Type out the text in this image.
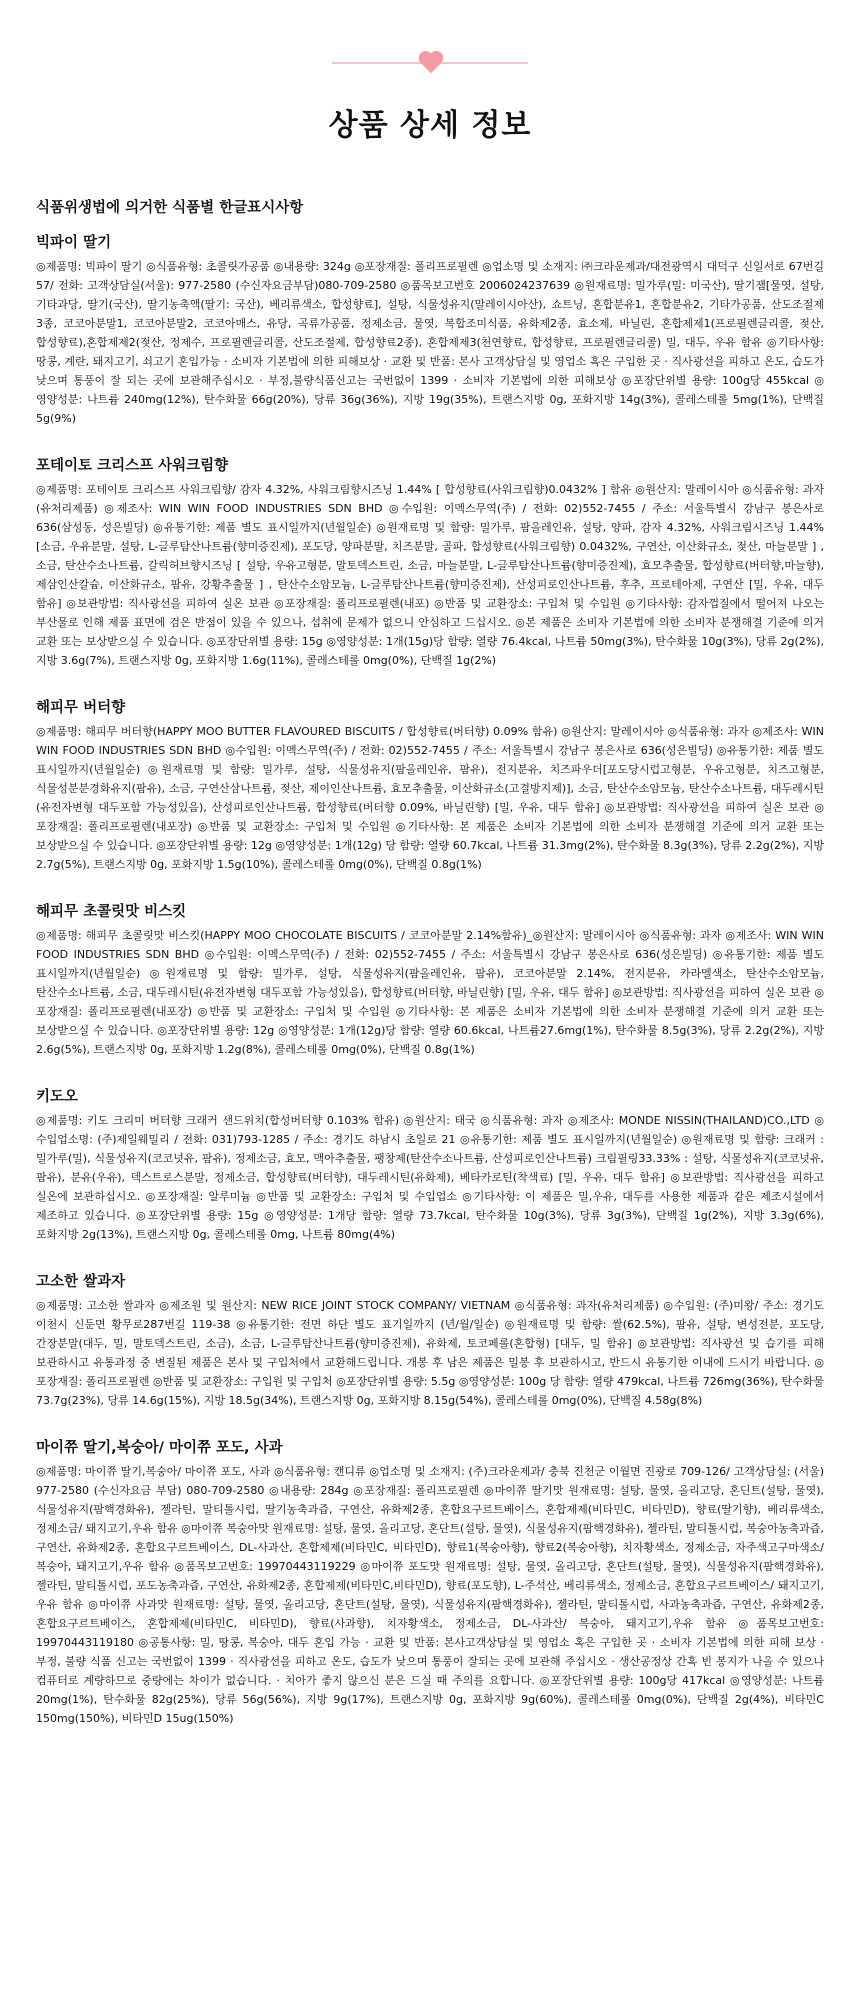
상품 상세 정보
식품위생법에 의거한 식품별 한글표시사항
빅파이 딸기

◎제품명: 빅파이 딸기 ◎식품유형: 초콜릿가공품 ◎내용량: 324g ◎포장재질: 폴리프로필렌 ◎업소명 및 소재지: ㈜크라운제과/대전광역시 대덕구 신일서로 67번길 57/ 전화: 고객상담실(서울): 977-2580 (수신자요금부담)080-709-2580 ◎품목보고번호 2006024237639 ◎원재료명: 밀가루(밀: 미국산), 딸기잼[물엿, 설탕, 기타과당, 딸기(국산), 딸기농축액(딸기: 국산), 베리류색소, 합성향료], 설탕, 식물성유지(말레이시아산), 쇼트닝, 혼합분유1, 혼합분유2, 기타가공품, 산도조절제 3종, 코코아분말1, 코코아분말2, 코코아매스, 유당, 곡류가공품, 정제소금, 물엿, 복합조미식품, 유화제2종, 효소제, 바닐린, 혼합제제1(프로필렌글리콜, 젖산, 합성향료),혼합제제2(젖산, 정제수, 프로필렌글리콜, 산도조절제, 합성향료2종), 혼합제제3(천연향료, 합성향료, 프로필렌글리콜) 밀, 대두, 우유 함유 ◎기타사항: 땅콩, 계란, 돼지고기, 쇠고기 혼입가능 · 소비자 기본법에 의한 피해보상 · 교환 및 반품: 본사 고객상담실 및 영업소 혹은 구입한 곳 · 직사광선을 피하고 온도, 습도가 낮으며 통풍이 잘 되는 곳에 보관해주십시오 · 부정,불량식품신고는 국번없이 1399 · 소비자 기본법에 의한 피해보상 ◎포장단위별 용량: 100g당 455kcal ◎영양성분: 나트륨 240mg(12%), 탄수화물 66g(20%), 당류 36g(36%), 지방 19g(35%), 트랜스지방 0g, 포화지방 14g(3%), 콜레스테롤 5mg(1%), 단백질 5g(9%)

포테이토 크리스프 사워크림향

◎제품명: 포테이토 크리스프 사워크림향/ 감자 4.32%, 사워크림향시즈닝 1.44% [ 합성향료(사워크림향)0.0432% ] 함유 ◎원산지: 말레이시아 ◎식품유형: 과자(유처리제품) ◎제조사: WIN WIN FOOD INDUSTRIES SDN BHD ◎수입원: 이멕스무역(주) / 전화: 02)552-7455 / 주소: 서울특별시 강남구 봉은사로 636(삼성동, 성은빌딩) ◎유통기한: 제품 별도 표시일까지(년월일순) ◎원재료명 및 함량: 밀가루, 팜올레인유, 설탕, 양파, 감자 4.32%, 사워크림시즈닝 1.44% [소금, 우유분말, 설탕, L-글루탐산나트륨(향미증진제), 포도당, 양파분말, 치즈분말, 골파, 합성향료(사워크림향) 0.0432%, 구연산, 이산화규소, 젖산, 마늘분말 ] , 소금, 탄산수소나트륨, 갈릭허브향시즈닝 [ 설탕, 우유고형분, 말토덱스트린, 소금, 마늘분말, L-글루탐산나트륨(향미증진제), 효모추출물, 합성향료(버터향,마늘향), 제삼인산칼슘, 이산화규소, 팜유, 강황추출물 ] , 탄산수소암모늄, L-글루탐산나트륨(향미증진제), 산성피로인산나트륨, 후추, 프로테아제, 구연산 [밀, 우유, 대두 함유] ◎보관방법: 직사광선을 피하여 실온 보관 ◎포장재질: 폴리프로필렌(내포) ◎반품 및 교환장소: 구입처 및 수입원 ◎기타사항: 감자껍질에서 떨어져 나오는 부산물로 인해 제품 표면에 검은 반점이 있을 수 있으나, 섭취에 문제가 없으니 안심하고 드십시오. ◎본 제품은 소비자 기본법에 의한 소비자 분쟁해결 기준에 의거 교환 또는 보상받으실 수 있습니다. ◎포장단위별 용량: 15g ◎영양성분: 1개(15g)당 함량: 열량 76.4kcal, 나트륨 50mg(3%), 탄수화물 10g(3%), 당류 2g(2%), 지방 3.6g(7%), 트랜스지방 0g, 포화지방 1.6g(11%), 콜레스테롤 0mg(0%), 단백질 1g(2%)

해피무 버터향

◎제품명: 해피무 버터향(HAPPY MOO BUTTER FLAVOURED BISCUITS / 합성향료(버터향) 0.09% 함유) ◎원산지: 말레이시아 ◎식품유형: 과자 ◎제조사: WIN WIN FOOD INDUSTRIES SDN BHD ◎수입원: 이멕스무역(주) / 전화: 02)552-7455 / 주소: 서울특별시 강남구 봉은사로 636(성은빌딩) ◎유통기한: 제품 별도 표시일까지(년월일순) ◎원재료명 및 함량: 밀가루, 설탕, 식물성유지(팜올레인유, 팜유), 전지분유, 치즈파우더[포도당시럽고형분, 우유고형분, 치즈고형분, 식물성분분경화유지(팜유), 소금, 구연산삼나트륨, 젖산, 제이인산나트륨, 효모추출물, 이산화규소(고결방지제)], 소금, 탄산수소암모늄, 탄산수소나트륨, 대두레시틴(유전자변형 대두포함 가능성있음), 산성피로인산나트륨, 합성향료(버터향 0.09%, 바닐린향) [밀, 우유, 대두 함유] ◎보관방법: 직사광선을 피하여 실온 보관 ◎포장재질: 폴리프로필렌(내포장) ◎반품 및 교환장소: 구입처 및 수입원 ◎기타사항: 본 제품은 소비자 기본법에 의한 소비자 분쟁해결 기준에 의거 교환 또는 보상받으실 수 있습니다. ◎포장단위별 용량: 12g ◎영양성분: 1개(12g) 당 함량: 열량 60.7kcal, 나트륨 31.3mg(2%), 탄수화물 8.3g(3%), 당류 2.2g(2%), 지방 2.7g(5%), 트랜스지방 0g, 포화지방 1.5g(10%), 콜레스테롤 0mg(0%), 단백질 0.8g(1%)

해피무 초콜릿맛 비스킷

◎제품명: 해피무 초콜릿맛 비스킷(HAPPY MOO CHOCOLATE BISCUITS / 코코아분말 2.14%함유)_◎원산지: 말레이시아 ◎식품유형: 과자 ◎제조사: WIN WIN FOOD INDUSTRIES SDN BHD ◎수입원: 이멕스무역(주) / 전화: 02)552-7455 / 주소: 서울특별시 강남구 봉은사로 636(성은빌딩) ◎유통기한: 제품 별도 표시일까지(년월일순) ◎원재료명 및 함량: 밀가루, 설탕, 식물성유지(팜올레인유, 팜유), 코코아분말 2.14%, 전지분유, 카라멜색소, 탄산수소암모늄, 탄산수소나트륨, 소금, 대두레시틴(유전자변형 대두포함 가능성있음), 합성향료(버터향, 바닐린향) [밀, 우유, 대두 함유] ◎보관방법: 직사광선을 피하여 실온 보관 ◎포장재질: 폴리프로필렌(내포장) ◎반품 및 교환장소: 구입처 및 수입원 ◎기타사항: 본 제품은 소비자 기본법에 의한 소비자 분쟁해결 기준에 의거 교환 또는 보상받으실 수 있습니다. ◎포장단위별 용량: 12g ◎영양성분: 1개(12g)당 함량: 열량 60.6kcal, 나트륨27.6mg(1%), 탄수화물 8.5g(3%), 당류 2.2g(2%), 지방 2.6g(5%), 트랜스지방 0g, 포화지방 1.2g(8%), 콜레스테롤 0mg(0%), 단백질 0.8g(1%)

키도오

◎제품명: 키도 크리미 버터향 크래커 샌드위치(합성버터향 0.103% 함유) ◎원산지: 태국 ◎식품유형: 과자 ◎제조사: MONDE NISSIN(THAILAND)CO.,LTD ◎수입업소명: (주)제일웨밀리 / 전화: 031)793-1285 / 주소: 경기도 하남시 초일로 21 ◎유통기한: 제품 별도 표시일까지(년월일순) ◎원재료명 및 함량: 크래커 : 밀가루(밀), 식물성유지(코코넛유, 팜유), 정제소금, 효모, 맥아추출물, 팽창제(탄산수소나트륨, 산성피로인산나트륨) 크림필링33.33% : 설탕, 식물성유지(코코넛유, 팜유), 분유(우유), 덱스트로스분말, 정제소금, 합성향료(버터향), 대두레시틴(유화제), 베타카로틴(착색료) [밀, 우유, 대두 함유] ◎보관방법: 직사광선을 피하고 실온에 보관하십시오. ◎포장재질: 알루미늄 ◎반품 및 교환장소: 구입처 및 수입업소 ◎기타사항: 이 제품은 밀,우유, 대두를 사용한 제품과 같은 제조시설에서 제조하고 있습니다. ◎포장단위별 용량: 15g ◎영양성분: 1개당 함량: 열량 73.7kcal, 탄수화물 10g(3%), 당류 3g(3%), 단백질 1g(2%), 지방 3.3g(6%), 포화지방 2g(13%), 트랜스지방 0g, 콜레스테롤 0mg, 나트륨 80mg(4%)

고소한 쌀과자

◎제품명: 고소한 쌀과자 ◎제조원 및 원산지: NEW RICE JOINT STOCK COMPANY/ VIETNAM ◎식품유형: 과자(유처리제품) ◎수입원: (주)미왕/ 주소: 경기도 이천시 신둔면 황무로287번길 119-38 ◎유통기한: 전면 하단 별도 표기일까지 (년/월/일순) ◎원재료명 및 함량: 쌀(62.5%), 팜유, 설탕, 변성전분, 포도당, 간장분말(대두, 밀, 말토덱스트린, 소금), 소금, L-글루탐산나트륨(향미증진제), 유화제, 토코페롤(혼합형) [대두, 밀 함유] ◎보관방법: 직사광선 및 습기를 피해 보관하시고 유통과정 중 변질된 제품은 본사 및 구입처에서 교환해드립니다. 개봉 후 남은 제품은 밀봉 후 보관하시고, 반드시 유통기한 이내에 드시기 바랍니다. ◎포장재질: 폴리프로필렌 ◎반품 및 교환장소: 구입원 및 구입처 ◎포장단위별 용량: 5.5g ◎영양성분: 100g 당 함량: 열량 479kcal, 나트륨 726mg(36%), 탄수화물 73.7g(23%), 당류 14.6g(15%), 지방 18.5g(34%), 트랜스지방 0g, 포화지방 8.15g(54%), 콜레스테롤 0mg(0%), 단백질 4.58g(8%)

마이쮸 딸기,복숭아/ 마이쮸 포도, 사과

◎제품명: 마이쮸 딸기,복숭아/ 마이쮸 포도, 사과 ◎식품유형: 캔디류 ◎업소명 및 소재지: (주)크라운제과/ 충북 진천군 이월면 진광로 709-126/ 고객상담실: (서울) 977-2580 (수신자요금 부담) 080-709-2580 ◎내용량: 284g ◎포장재질: 폴리프로필렌 ◎마이쮸 딸기맛 원재료명: 설탕, 물엿, 올리고당, 혼딘트(설탕, 물엿), 식물성유지(팜핵경화유), 젤라틴, 말티톨시럽, 딸기농축과즙, 구연산, 유화제2종, 혼합요구르트베이스, 혼합제제(비타민C, 비타민D), 향료(딸기향), 베리류색소, 정제소금/ 돼지고기,우유 함유 ◎마이쮸 복숭아맛 원재료명: 설탕, 물엿, 올리고당, 혼단트(설탕, 물엿), 식물성유지(팜핵경화유), 젤라틴, 말티톨시럽, 복숭아농축과즙, 구연산, 유화제2종, 혼합요구르트베이스, DL-사과산, 혼합제제(비타민C, 비타민D), 향료1(복숭아향), 향료2(복숭아향), 치자황색소, 정제소금, 자주색고구마색소/ 복숭아, 돼지고기,우유 함유 ◎품목보고번호: 19970443119229 ◎마이쮸 포도맛 원재료명: 설탕, 물엿, 올리고당, 혼단트(설탕, 물엿), 식물성유지(팜핵경화유), 젤라틴, 말티톨시럽, 포도농축과즙, 구연산, 유화제2종, 혼합제제(비타민C,비타민D), 향료(포도향), L-주석산, 베리류색소, 정제소금, 혼합요구르트베이스/ 돼지고기,우유 함유 ◎마이쮸 사과맛 원재료명: 설탕, 물엿, 올리고당, 혼단트(설탕, 물엿), 식물성유지(팜핵경화유), 젤라틴, 말티톨시럽, 사과농축과즙, 구연산, 유화제2종, 혼합요구르트베이스, 혼합제제(비타민C, 비타민D), 향료(사과향), 치자황색소, 정제소금, DL-사과산/ 복숭아, 돼지고기,우유 함유 ◎품목보고번호: 19970443119180 ◎공통사항: 밀, 땅콩, 복숭아, 대두 혼입 가능 · 교환 및 반품: 본사고객상담실 및 영업소 혹은 구입한 곳 · 소비자 기본법에 의한 피해 보상 · 부정, 불량 식품 신고는 국번없이 1399 · 직사광선을 피하고 온도, 습도가 낮으며 통풍이 잘되는 곳에 보관해 주십시오 · 생산공정상 간혹 빈 봉지가 나올 수 있으나 컴퓨터로 계량하므로 중량에는 차이가 없습니다. · 치아가 좋지 않으신 분은 드실 때 주의를 요합니다. ◎포장단위별 용량: 100g당 417kcal ◎영양성분: 나트륨 20mg(1%), 탄수화물 82g(25%), 당류 56g(56%), 지방 9g(17%), 트랜스지방 0g, 포화지방 9g(60%), 콜레스테롤 0mg(0%), 단백질 2g(4%), 비타민C 150mg(150%), 비타민D 15ug(150%)
